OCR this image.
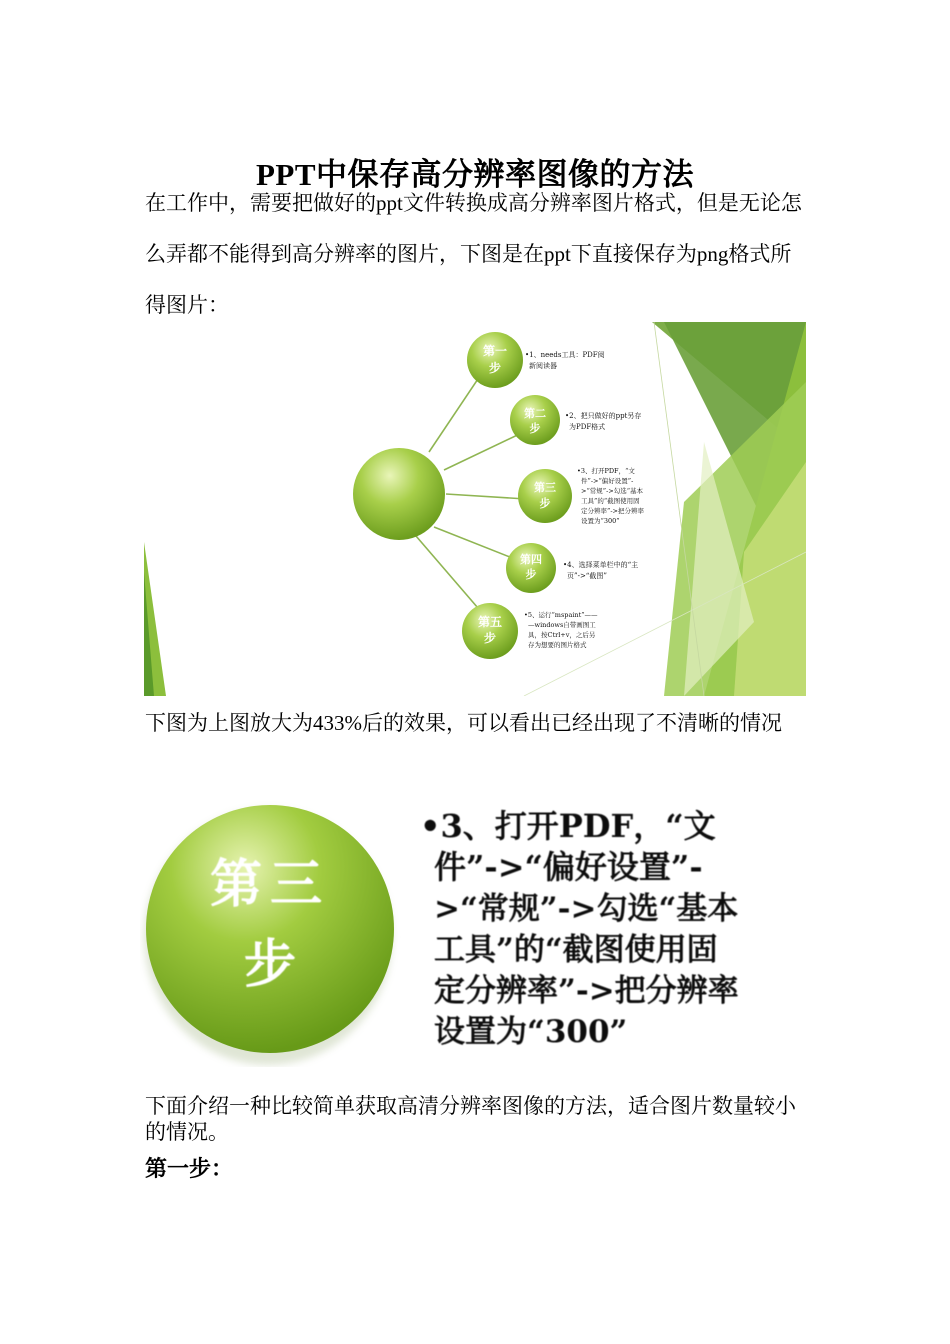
PPT中保存高分辨率图像的方法

在工作中，需要把做好的ppt文件转换成高分辨率图片格式，但是无论怎么弄都不能得到高分辨率的图片，下图是在ppt下直接保存为png格式所得图片：

第一
步
第二
步
第三
步
第四
步
第五
步
•1、needs工具：PDF阅
新阅读器
•2、把只做好的ppt另存
为PDF格式
•3、打开PDF，“文
件”->“偏好设置”-
>“常规”->勾选“基本
工具”的“截图使用固
定分辨率”->把分辨率
设置为“300”
•4、选择菜单栏中的“主
页”->“截图”
•5、运行“mspaint”——
—windows自带画图工
具，按Ctrl+v，之后另
存为想要的图片格式

下图为上图放大为433%后的效果，可以看出已经出现了不清晰的情况

第三
步
•3、打开PDF，“文
件”->“偏好设置”-
>“常规”->勾选“基本
工具”的“截图使用固
定分辨率”->把分辨率
设置为“300”

下面介绍一种比较简单获取高清分辨率图像的方法，适合图片数量较小的情况。

第一步：
